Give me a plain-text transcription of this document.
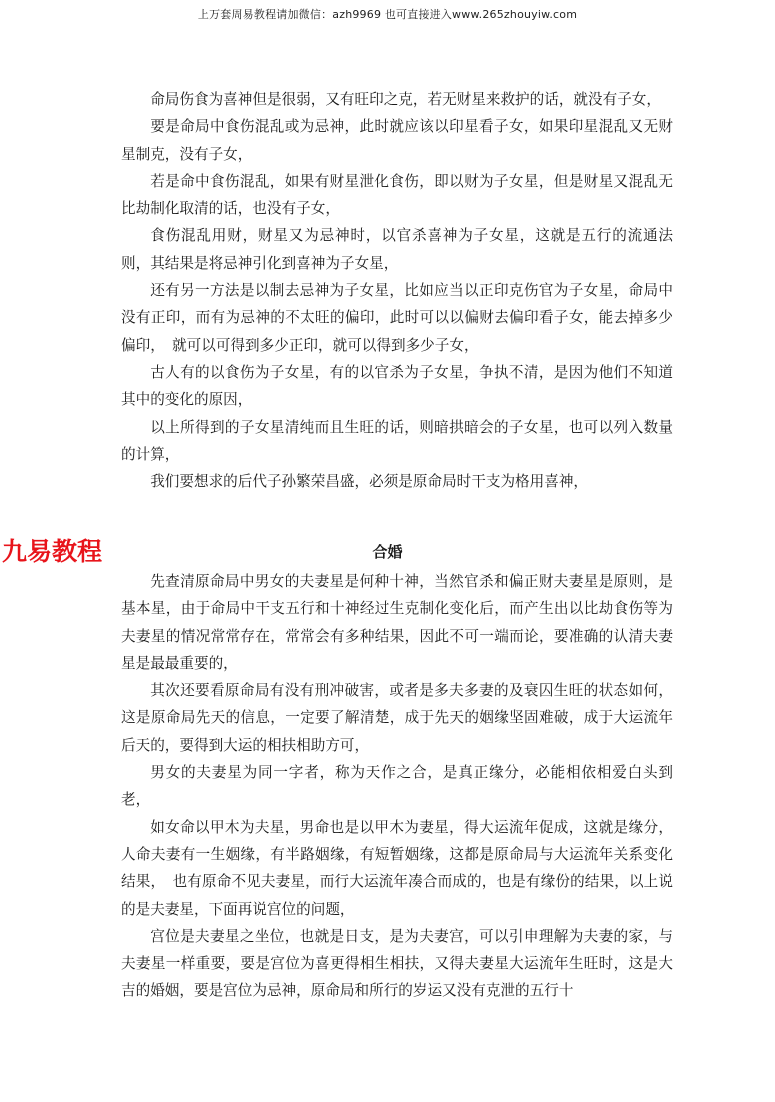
上万套周易教程请加微信：azh9969 也可直接进入www.265zhouyiw.com

命局伤食为喜神但是很弱，又有旺印之克，若无财星来救护的话，就没有子女，

要是命局中食伤混乱或为忌神，此时就应该以印星看子女，如果印星混乱又无财星制克，没有子女，

若是命中食伤混乱，如果有财星泄化食伤，即以财为子女星，但是财星又混乱无比劫制化取清的话，也没有子女，

食伤混乱用财，财星又为忌神时，以官杀喜神为子女星，这就是五行的流通法则，其结果是将忌神引化到喜神为子女星，

还有另一方法是以制去忌神为子女星，比如应当以正印克伤官为子女星，命局中没有正印，而有为忌神的不太旺的偏印，此时可以以偏财去偏印看子女，能去掉多少偏印，　就可以可得到多少正印，就可以得到多少子女，

古人有的以食伤为子女星，有的以官杀为子女星，争执不清，是因为他们不知道其中的变化的原因，

以上所得到的子女星清纯而且生旺的话，则暗拱暗会的子女星，也可以列入数量的计算，

我们要想求的后代子孙繁荣昌盛，必须是原命局时干支为格用喜神，

九易教程	合婚

先查清原命局中男女的夫妻星是何种十神，当然官杀和偏正财夫妻星是原则，是基本星，由于命局中干支五行和十神经过生克制化变化后，而产生出以比劫食伤等为夫妻星的情况常常存在，常常会有多种结果，因此不可一端而论，要准确的认清夫妻星是最最重要的，

其次还要看原命局有没有刑冲破害，或者是多夫多妻的及衰囚生旺的状态如何，这是原命局先天的信息，一定要了解清楚，成于先天的姻缘坚固难破，成于大运流年后天的，要得到大运的相扶相助方可，

男女的夫妻星为同一字者，称为天作之合，是真正缘分，必能相依相爱白头到老，

如女命以甲木为夫星，男命也是以甲木为妻星，得大运流年促成，这就是缘分，人命夫妻有一生姻缘，有半路姻缘，有短暂姻缘，这都是原命局与大运流年关系变化结果，　也有原命不见夫妻星，而行大运流年凑合而成的，也是有缘份的结果，以上说的是夫妻星，下面再说宫位的问题，

宫位是夫妻星之坐位，也就是日支，是为夫妻宫，可以引申理解为夫妻的家，与夫妻星一样重要，要是宫位为喜更得相生相扶，又得夫妻星大运流年生旺时，这是大吉的婚姻，要是宫位为忌神，原命局和所行的岁运又没有克泄的五行十
